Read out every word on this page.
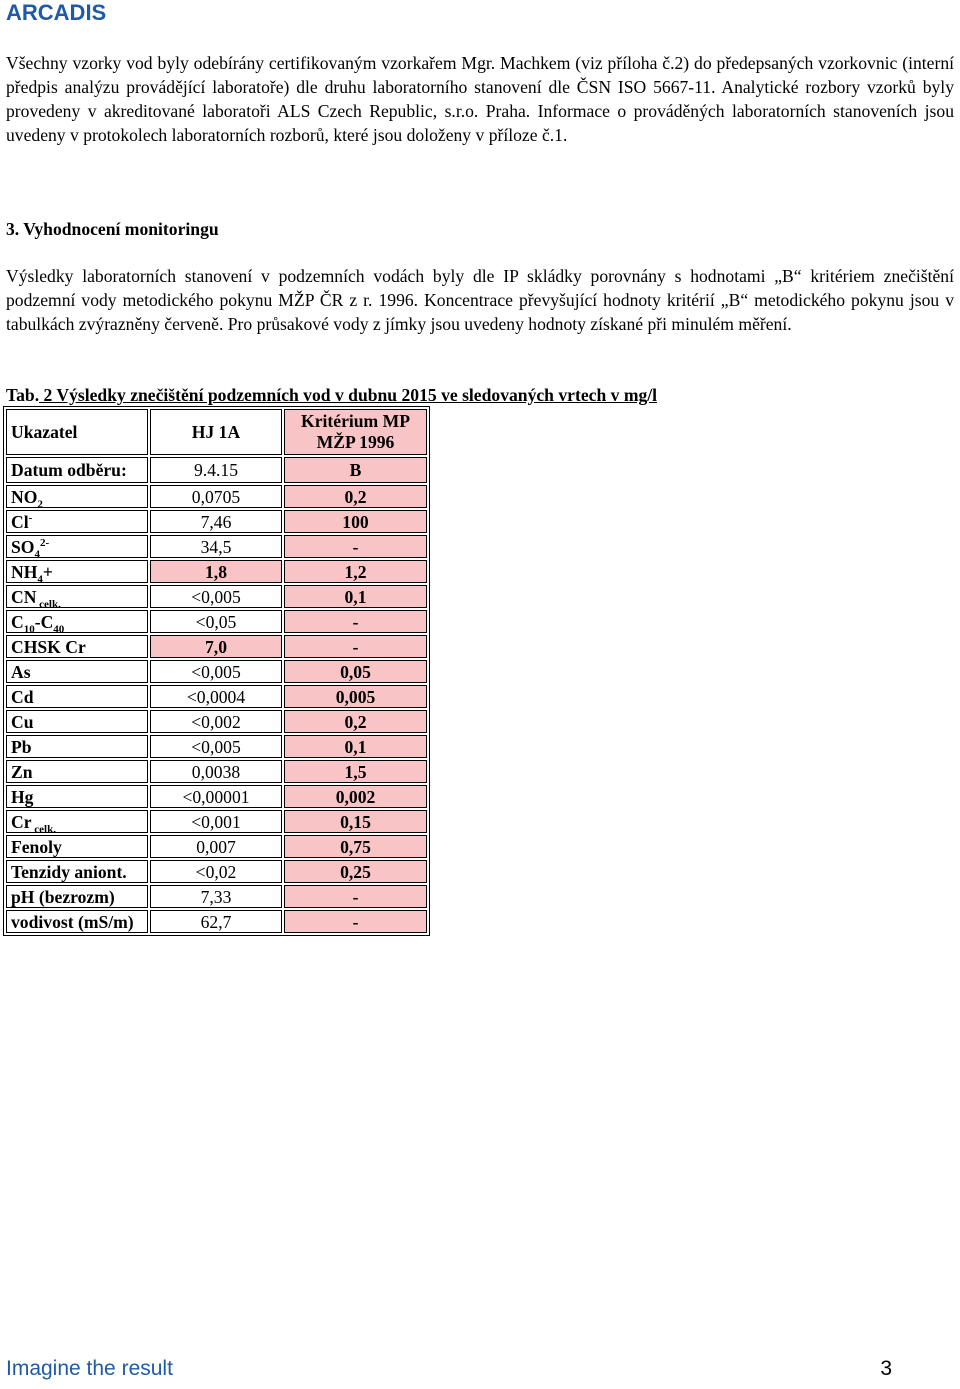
ARCADIS
Všechny vzorky vod byly odebírány certifikovaným vzorkařem Mgr. Machkem (viz příloha č.2) do předepsaných vzorkovnic (interní předpis analýzu provádějící laboratoře) dle druhu laboratorního stanovení dle ČSN ISO 5667-11. Analytické rozbory vzorků byly provedeny v akreditované laboratoři ALS Czech Republic, s.r.o. Praha. Informace o prováděných laboratorních stanoveních jsou uvedeny v protokolech laboratorních rozborů, které jsou doloženy v příloze č.1.
3. Vyhodnocení monitoringu
Výsledky laboratorních stanovení v podzemních vodách byly dle IP skládky porovnány s hodnotami „B“ kritériem znečištění podzemní vody metodického pokynu MŽP ČR z r. 1996. Koncentrace převyšující hodnoty kritérií „B“ metodického pokynu jsou v tabulkách zvýrazněny červeně. Pro průsakové vody z jímky jsou uvedeny hodnoty získané při minulém měření.
Tab. 2 Výsledky znečištění podzemních vod v dubnu 2015 ve sledovaných vrtech v mg/l
Ukazatel	HJ 1A	Kritérium MP
MŽP 1996

Datum odběru:	9.4.15	B
$NO_2$	0,0705	0,2
Cl-	7,46	100
$SO_4^{2-}$	34,5	-
$NH_4+$	1,8	1,2
CN $_{celk.}$	<0,005	0,1
$C_{10}-C_{40}$	<0,05	-
CHSK Cr	7,0	-
As	<0,005	0,05
Cd	<0,0004	0,005
Cu	<0,002	0,2
Pb	<0,005	0,1
Zn	0,0038	1,5
Hg	<0,00001	0,002
Cr $_{celk.}$	<0,001	0,15
Fenoly	0,007	0,75
Tenzidy aniont.	<0,02	0,25
pH (bezrozm)	7,33	-
vodivost (mS/m)	62,7	-
Imagine the result	3
